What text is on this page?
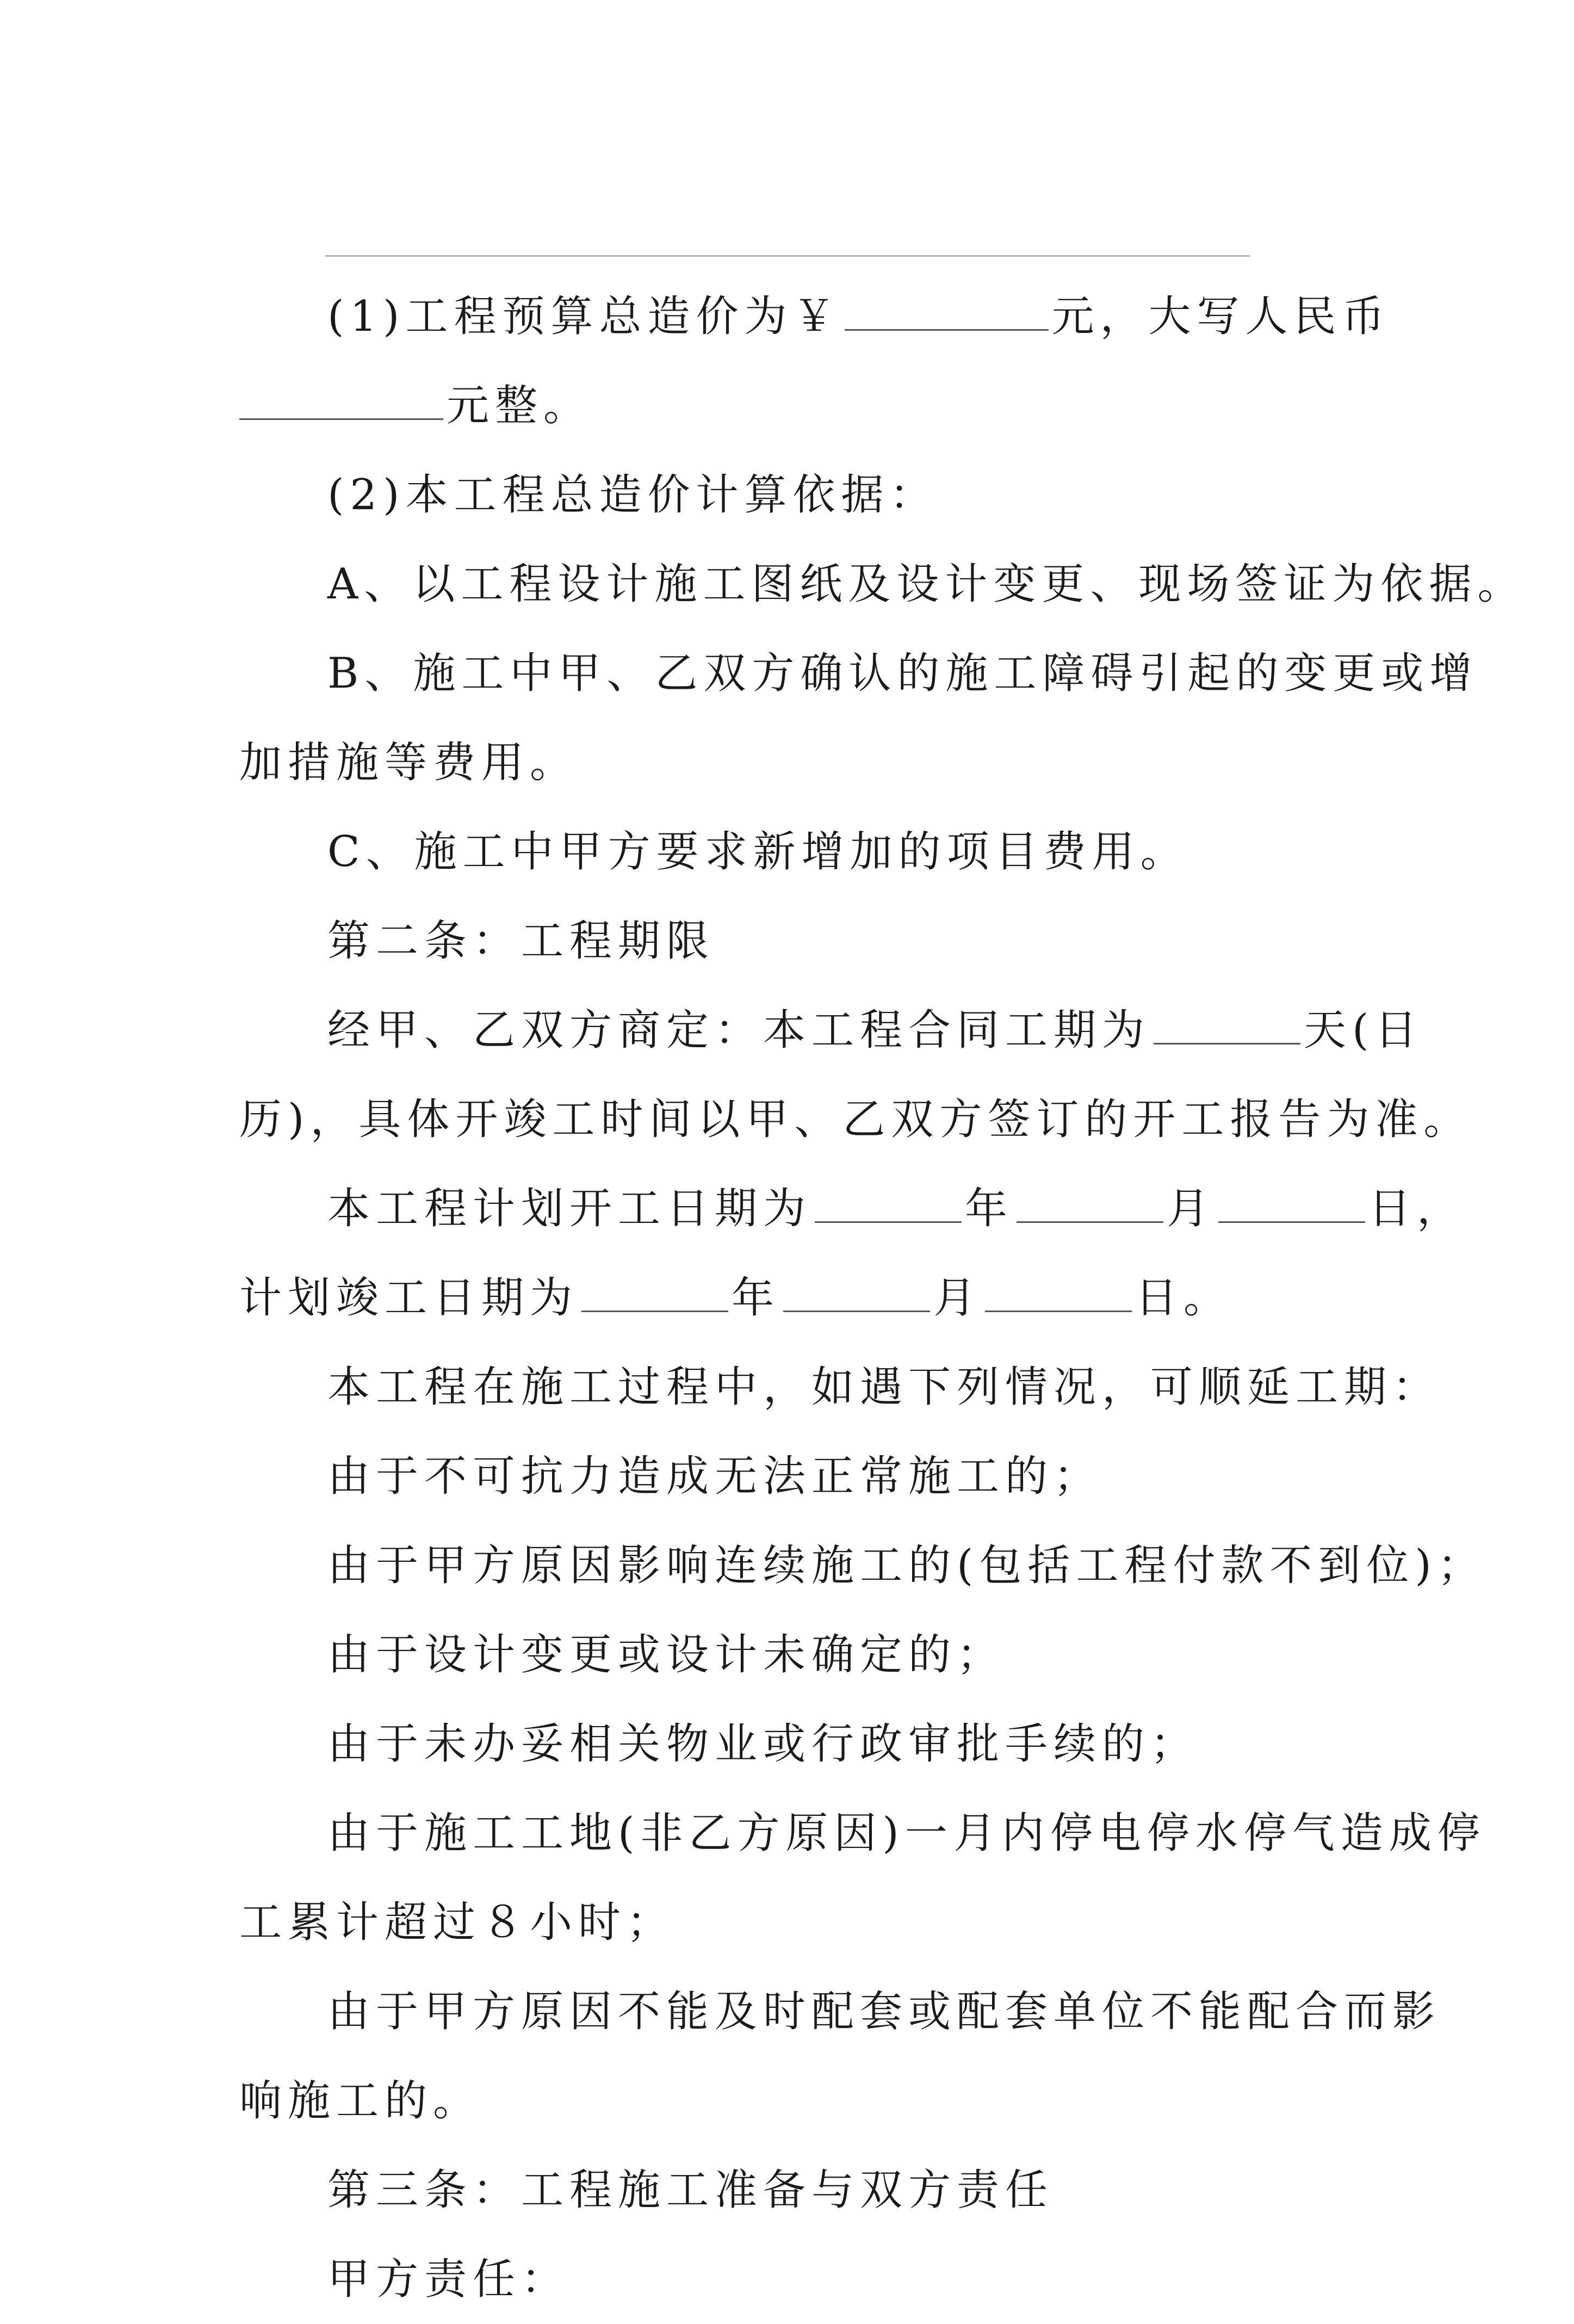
(1)工程预算总造价为￥	元，大写人民币
元整。
(2)本工程总造价计算依据：
A、以工程设计施工图纸及设计变更、现场签证为依据。
B、施工中甲、乙双方确认的施工障碍引起的变更或增
加措施等费用。
C、施工中甲方要求新增加的项目费用。
第二条：工程期限
经甲、乙双方商定：本工程合同工期为	天(日
历)，具体开竣工时间以甲、乙双方签订的开工报告为准。
本工程计划开工日期为	年	月	日，
计划竣工日期为	年	月	日。
本工程在施工过程中，如遇下列情况，可顺延工期：
由于不可抗力造成无法正常施工的；
由于甲方原因影响连续施工的(包括工程付款不到位)；
由于设计变更或设计未确定的；
由于未办妥相关物业或行政审批手续的；
由于施工工地(非乙方原因)一月内停电停水停气造成停
工累计超过８小时；
由于甲方原因不能及时配套或配套单位不能配合而影
响施工的。
第三条：工程施工准备与双方责任
甲方责任：
